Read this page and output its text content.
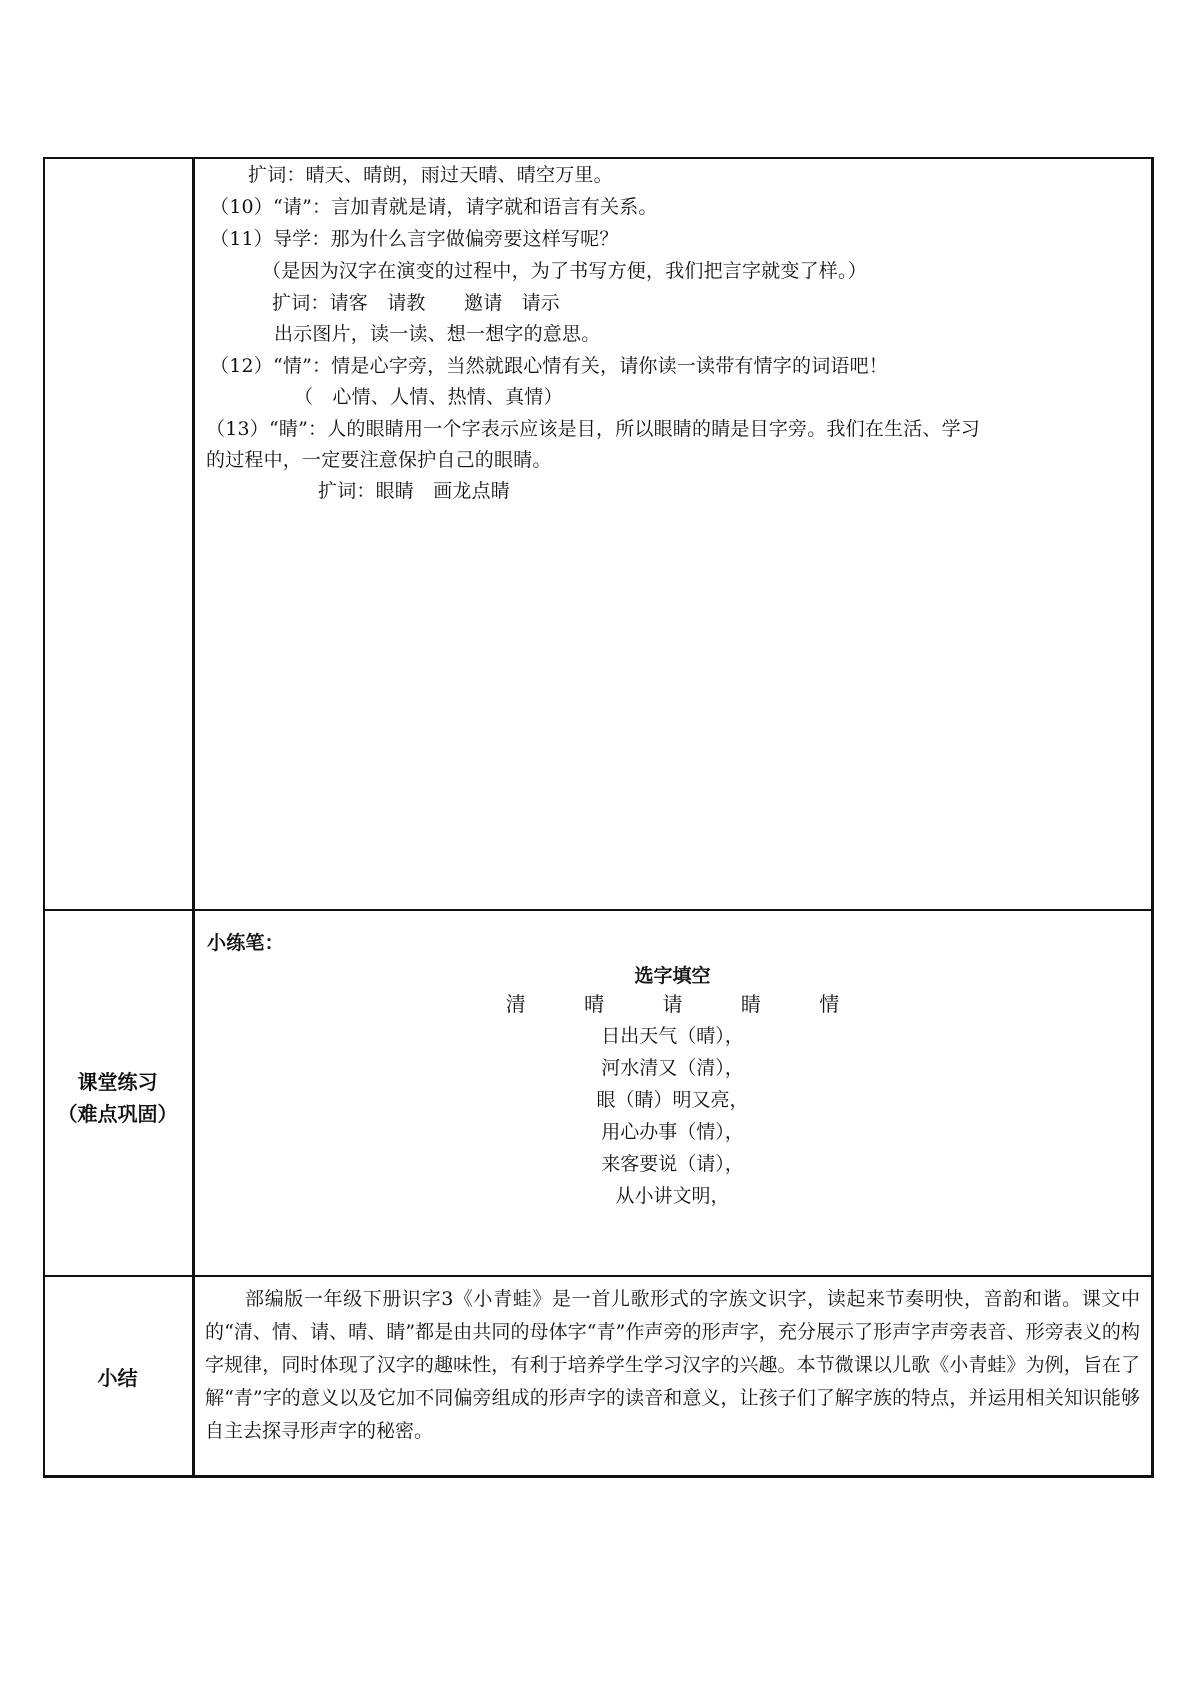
扩词：晴天、晴朗，雨过天晴、晴空万里。
（10）“请”：言加青就是请，请字就和语言有关系。
（11）导学：那为什么言字做偏旁要这样写呢？
（是因为汉字在演变的过程中，为了书写方便，我们把言字就变了样。）
扩词：请客　请教　　邀请　请示
出示图片，读一读、想一想字的意思。
（12）“情”：情是心字旁，当然就跟心情有关，请你读一读带有情字的词语吧！
（　心情、人情、热情、真情）
（13）“睛”：人的眼睛用一个字表示应该是目，所以眼睛的睛是目字旁。我们在生活、学习
的过程中，一定要注意保护自己的眼睛。
扩词：眼睛　画龙点睛
课堂练习
（难点巩固）
小练笔：
选字填空
清	晴	请	睛	情
日出天气（晴），
河水清又（清），
眼（睛）明又亮，
用心办事（情），
来客要说（请），
从小讲文明，
小结
部编版一年级下册识字3《小青蛙》是一首儿歌形式的字族文识字，读起来节奏明快，音韵和谐。课文中的“清、情、请、晴、睛”都是由共同的母体字“青”作声旁的形声字，充分展示了形声字声旁表音、形旁表义的构字规律，同时体现了汉字的趣味性，有利于培养学生学习汉字的兴趣。本节微课以儿歌《小青蛙》为例，旨在了解“青”字的意义以及它加不同偏旁组成的形声字的读音和意义，让孩子们了解字族的特点，并运用相关知识能够自主去探寻形声字的秘密。
